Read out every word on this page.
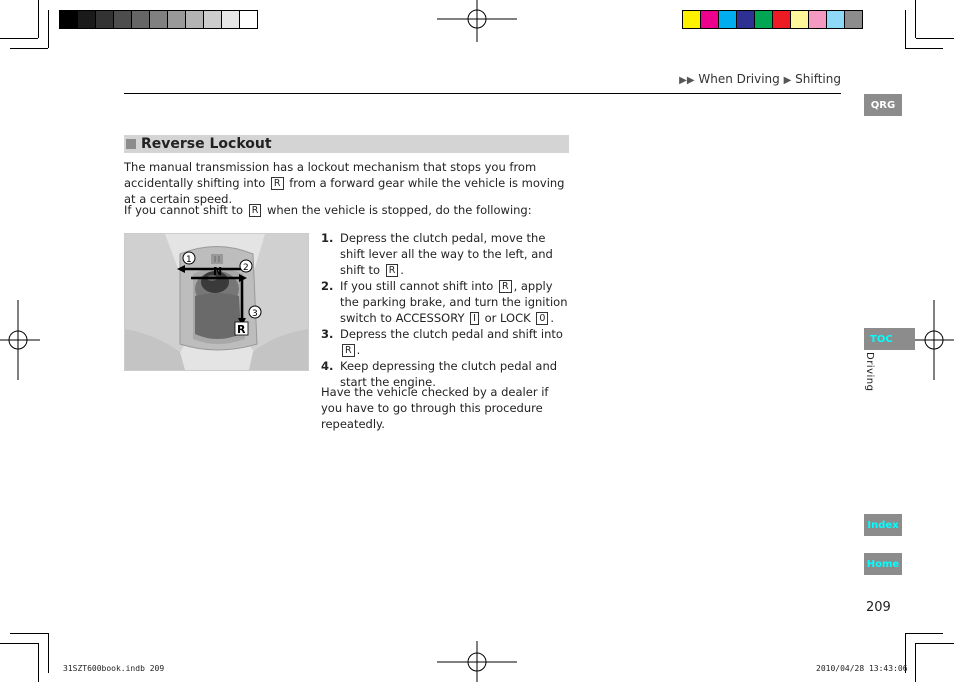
▶▶ When Driving ▶ Shifting
QRG
TOC
Driving
Index
Home
Reverse Lockout
The manual transmission has a lockout mechanism that stops you from accidentally shifting into R from a forward gear while the vehicle is moving at a certain speed.
If you cannot shift to R when the vehicle is stopped, do the following:
N
R
1
2
3
1. Depress the clutch pedal, move the shift lever all the way to the left, and shift to R .
2. If you still cannot shift into R , apply the parking brake, and turn the ignition switch to ACCESSORY I or LOCK 0 .
3. Depress the clutch pedal and shift into R .
4. Keep depressing the clutch pedal and start the engine.
Have the vehicle checked by a dealer if you have to go through this procedure repeatedly.
209
31SZT600book.indb 209	2010/04/28 13:43:06
